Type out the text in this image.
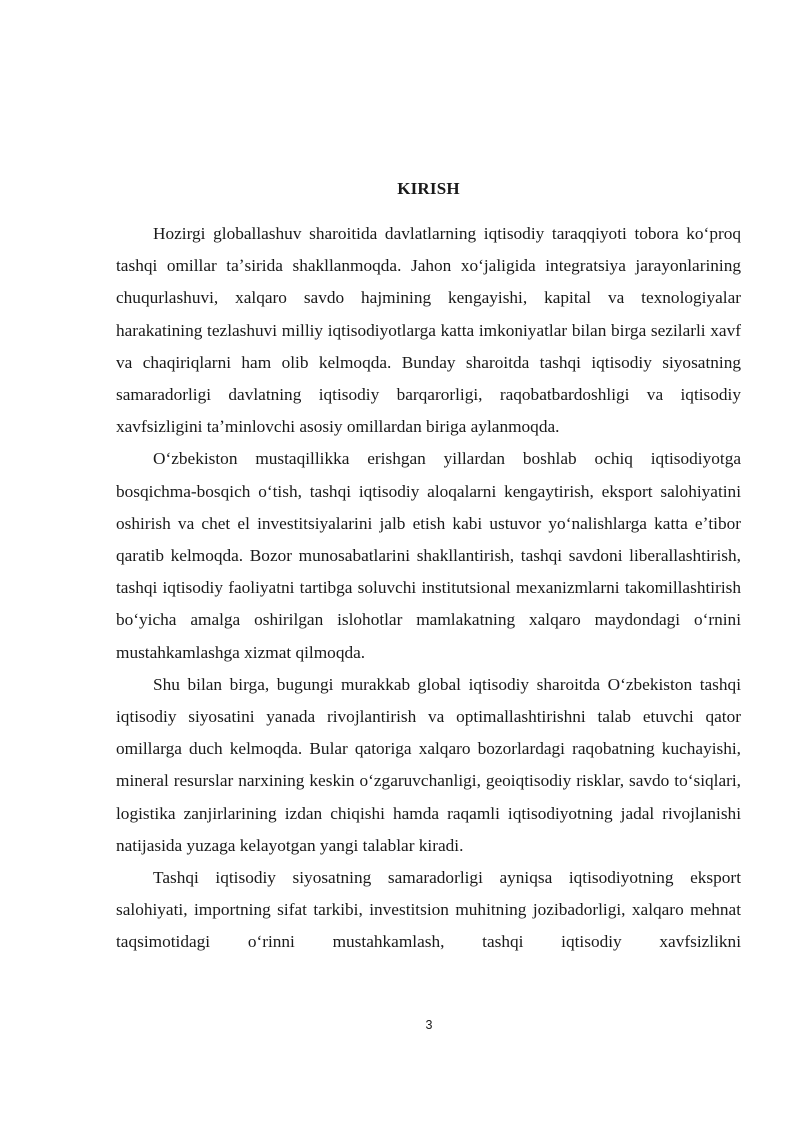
KIRISH

Hozirgi globallashuv sharoitida davlatlarning iqtisodiy taraqqiyoti tobora koʻproq tashqi omillar taʼsirida shakllanmoqda. Jahon xoʻjaligida integratsiya jarayonlarining chuqurlashuvi, xalqaro savdo hajmining kengayishi, kapital va texnologiyalar harakatining tezlashuvi milliy iqtisodiyotlarga katta imkoniyatlar bilan birga sezilarli xavf va chaqiriqlarni ham olib kelmoqda. Bunday sharoitda tashqi iqtisodiy siyosatning samaradorligi davlatning iqtisodiy barqarorligi, raqobatbardoshligi va iqtisodiy xavfsizligini taʼminlovchi asosiy omillardan biriga aylanmoqda.

Oʻzbekiston mustaqillikka erishgan yillardan boshlab ochiq iqtisodiyotga bosqichma-bosqich oʻtish, tashqi iqtisodiy aloqalarni kengaytirish, eksport salohiyatini oshirish va chet el investitsiyalarini jalb etish kabi ustuvor yoʻnalishlarga katta eʼtibor qaratib kelmoqda. Bozor munosabatlarini shakllantirish, tashqi savdoni liberallashtirish, tashqi iqtisodiy faoliyatni tartibga soluvchi institutsional mexanizmlarni takomillashtirish boʻyicha amalga oshirilgan islohotlar mamlakatning xalqaro maydondagi oʻrnini mustahkamlashga xizmat qilmoqda.

Shu bilan birga, bugungi murakkab global iqtisodiy sharoitda Oʻzbekiston tashqi iqtisodiy siyosatini yanada rivojlantirish va optimallashtirishni talab etuvchi qator omillarga duch kelmoqda. Bular qatoriga xalqaro bozorlardagi raqobatning kuchayishi, mineral resurslar narxining keskin oʻzgaruvchanligi, geoiqtisodiy risklar, savdo toʻsiqlari, logistika zanjirlarining izdan chiqishi hamda raqamli iqtisodiyotning jadal rivojlanishi natijasida yuzaga kelayotgan yangi talablar kiradi.

Tashqi iqtisodiy siyosatning samaradorligi ayniqsa iqtisodiyotning eksport salohiyati, importning sifat tarkibi, investitsion muhitning jozibadorligi, xalqaro mehnat taqsimotidagi oʻrinni mustahkamlash, tashqi iqtisodiy xavfsizlikni

3
